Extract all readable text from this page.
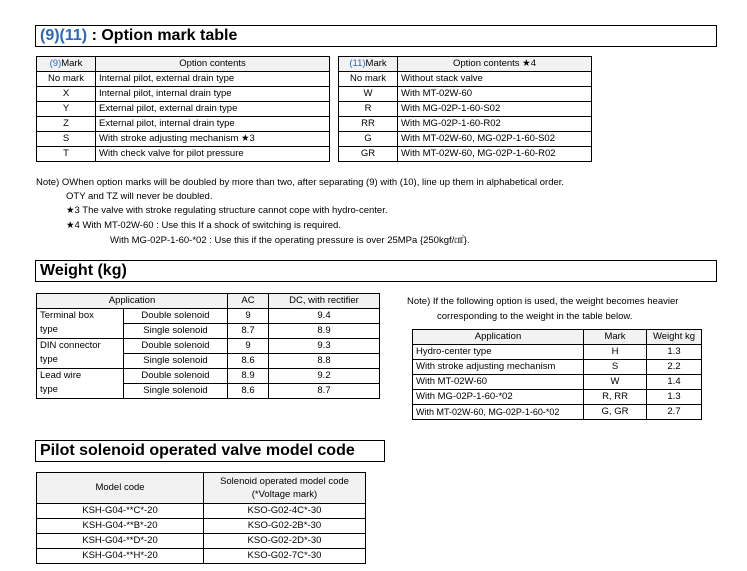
(9)(11) : Option mark table
(9)Mark	Option contents
No mark	Internal pilot, external drain type
X	Internal pilot, internal drain type
Y	External pilot, external drain type
Z	External pilot, internal drain type
S	With stroke adjusting mechanism ★3
T	With check valve for pilot pressure
(11)Mark	Option contents ★4
No mark	Without stack valve
W	With MT-02W-60
R	With MG-02P-1-60-S02
RR	With MG-02P-1-60-R02
G	With MT-02W-60, MG-02P-1-60-S02
GR	With MT-02W-60, MG-02P-1-60-R02
Note) OWhen option marks will be doubled by more than two, after separating (9) with (10), line up them in alphabetical order.
OTY and TZ will never be doubled.
★3 The valve with stroke regulating structure cannot cope with hydro-center.
★4 With MT-02W-60 : Use this If a shock of switching is required.
With MG-02P-1-60-*02 : Use this if the operating pressure is over 25MPa {250kgf/㎠}.
Weight (kg)
Application		AC	DC, with rectifier
Terminal box
type	Double solenoid	9	9.4
	Single solenoid	8.7	8.9
DIN connector
type	Double solenoid	9	9.3
	Single solenoid	8.6	8.8
Lead wire
type	Double solenoid	8.9	9.2
	Single solenoid	8.6	8.7
Note) If the following option is used, the weight becomes heavier
corresponding to the weight in the table below.
Application	Mark	Weight kg
Hydro-center type	H	1.3
With stroke adjusting mechanism	S	2.2
With MT-02W-60	W	1.4
With MG-02P-1-60-*02	R, RR	1.3
With MT-02W-60, MG-02P-1-60-*02	G, GR	2.7
Pilot solenoid operated valve model code
Model code	Solenoid operated model code
(*Voltage mark)
KSH-G04-**C*-20	KSO-G02-4C*-30
KSH-G04-**B*-20	KSO-G02-2B*-30
KSH-G04-**D*-20	KSO-G02-2D*-30
KSH-G04-**H*-20	KSO-G02-7C*-30
